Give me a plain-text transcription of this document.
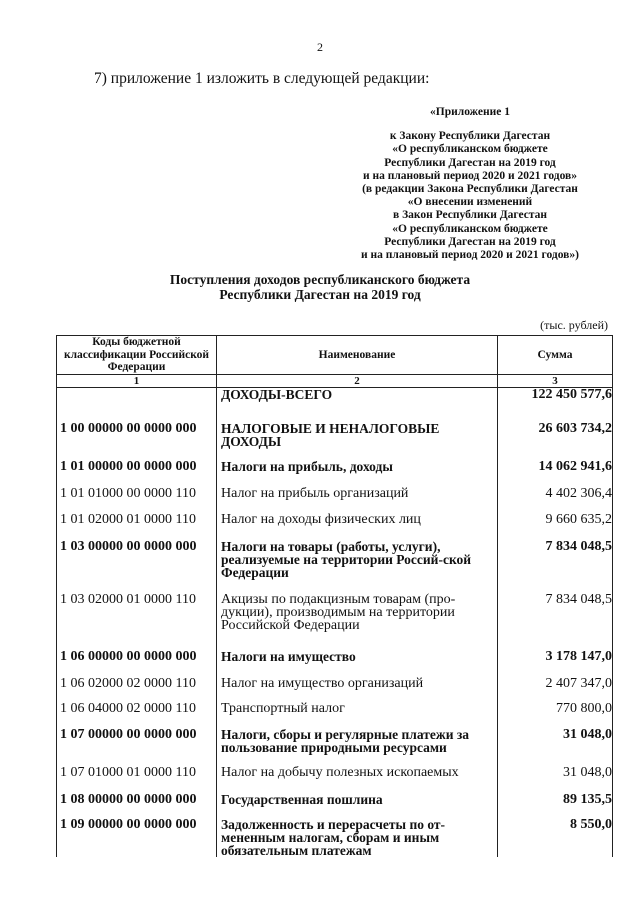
2
7) приложение 1 изложить в следующей редакции:
«Приложение 1
к Закону Республики Дагестан
«О республиканском бюджете
Республики Дагестан на 2019 год
и на плановый период 2020 и 2021 годов»
(в редакции Закона Республики Дагестан
«О внесении изменений
в Закон Республики Дагестан
«О республиканском бюджете
Республики Дагестан на 2019 год
и на плановый период 2020 и 2021 годов»)
Поступления доходов республиканского бюджета
Республики Дагестан на 2019 год
(тыс. рублей)
Коды бюджетной классификации Российской Федерации	Наименование	Сумма
1	2	3
	ДОХОДЫ-ВСЕГО	122 450 577,6
1 00 00000 00 0000 000	НАЛОГОВЫЕ И НЕНАЛОГОВЫЕ ДОХОДЫ	26 603 734,2
1 01 00000 00 0000 000	Налоги на прибыль, доходы	14 062 941,6
1 01 01000 00 0000 110	Налог на прибыль организаций	4 402 306,4
1 01 02000 01 0000 110	Налог на доходы физических лиц	9 660 635,2
1 03 00000 00 0000 000	Налоги на товары (работы, услуги), реализуемые на территории Россий-ской Федерации	7 834 048,5
1 03 02000 01 0000 110	Акцизы по подакцизным товарам (про-дукции), производимым на территории Российской Федерации	7 834 048,5
1 06 00000 00 0000 000	Налоги на имущество	3 178 147,0
1 06 02000 02 0000 110	Налог на имущество организаций	2 407 347,0
1 06 04000 02 0000 110	Транспортный налог	770 800,0
1 07 00000 00 0000 000	Налоги, сборы и регулярные платежи за пользование природными ресурсами	31 048,0
1 07 01000 01 0000 110	Налог на добычу полезных ископаемых	31 048,0
1 08 00000 00 0000 000	Государственная пошлина	89 135,5
1 09 00000 00 0000 000	Задолженность и перерасчеты по от-мененным налогам, сборам и иным обязательным платежам	8 550,0
